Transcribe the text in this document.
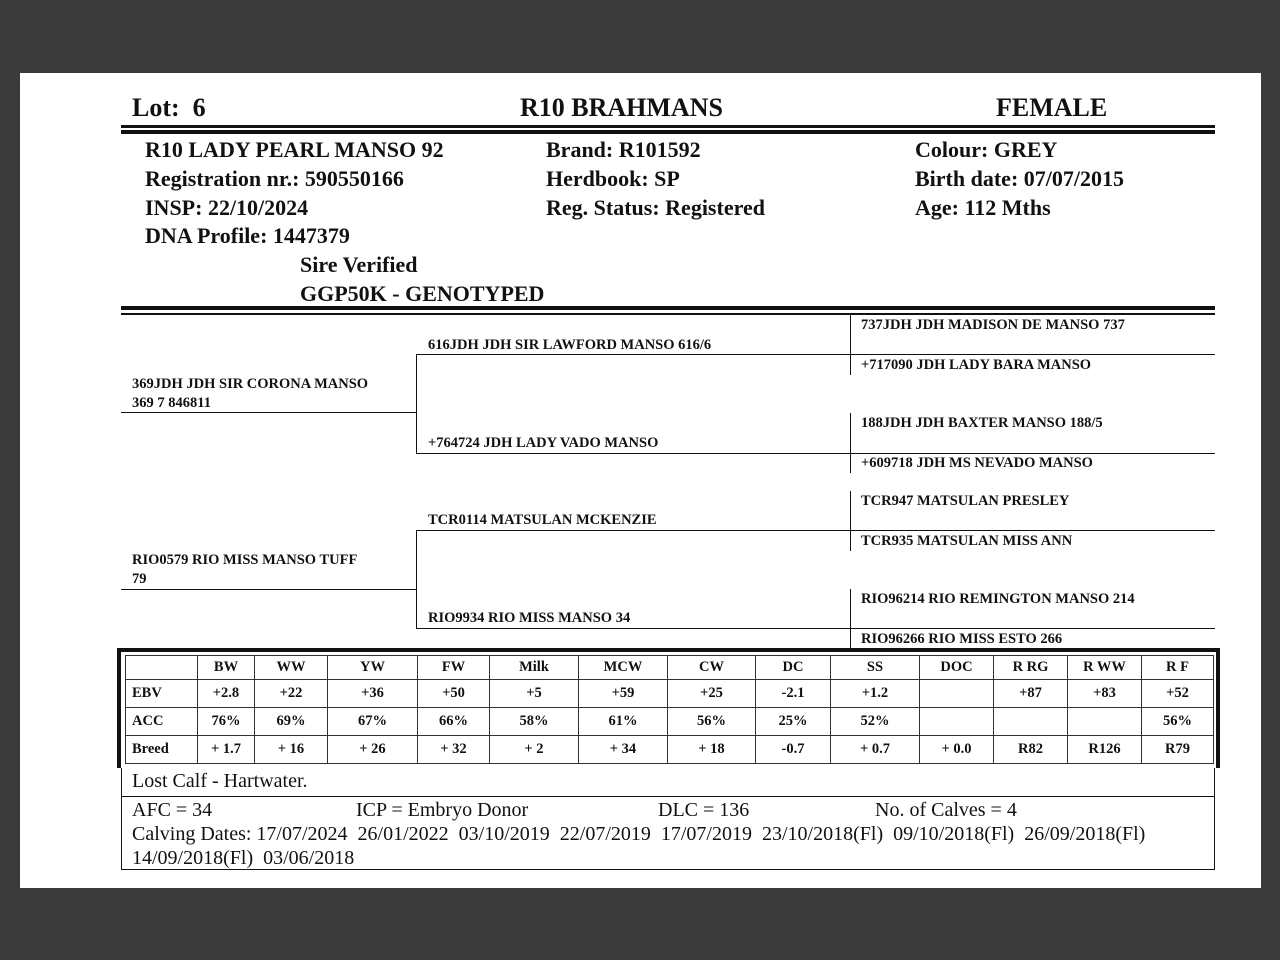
Lot: 6	R10 BRAHMANS	FEMALE
R10 LADY PEARL MANSO 92
Registration nr.: 590550166
INSP: 22/10/2024
DNA Profile: 1447379
Sire Verified
GGP50K - GENOTYPED
Brand: R101592
Herdbook: SP
Reg. Status: Registered
Colour: GREY
Birth date: 07/07/2015
Age: 112 Mths
369JDH JDH SIR CORONA MANSO
369 7 846811
RIO0579 RIO MISS MANSO TUFF
79
616JDH JDH SIR LAWFORD MANSO 616/6
+764724 JDH LADY VADO MANSO
TCR0114 MATSULAN MCKENZIE
RIO9934 RIO MISS MANSO 34
737JDH JDH MADISON DE MANSO 737
+717090 JDH LADY BARA MANSO
188JDH JDH BAXTER MANSO 188/5
+609718 JDH MS NEVADO MANSO
TCR947 MATSULAN PRESLEY
TCR935 MATSULAN MISS ANN
RIO96214 RIO REMINGTON MANSO 214
RIO96266 RIO MISS ESTO 266
	BW	WW	YW	FW	Milk	MCW	CW	DC	SS	DOC	R RG	R WW	R F
EBV	+2.8	+22	+36	+50	+5	+59	+25	-2.1	+1.2		+87	+83	+52
ACC	76%	69%	67%	66%	58%	61%	56%	25%	52%				56%
Breed	+ 1.7	+ 16	+ 26	+ 32	+ 2	+ 34	+ 18	-0.7	+ 0.7	+ 0.0	R82	R126	R79
Lost Calf - Hartwater.
AFC = 34	ICP = Embryo Donor	DLC = 136	No. of Calves = 4
Calving Dates: 17/07/2024  26/01/2022  03/10/2019  22/07/2019  17/07/2019  23/10/2018(Fl)  09/10/2018(Fl)  26/09/2018(Fl)
14/09/2018(Fl)  03/06/2018
